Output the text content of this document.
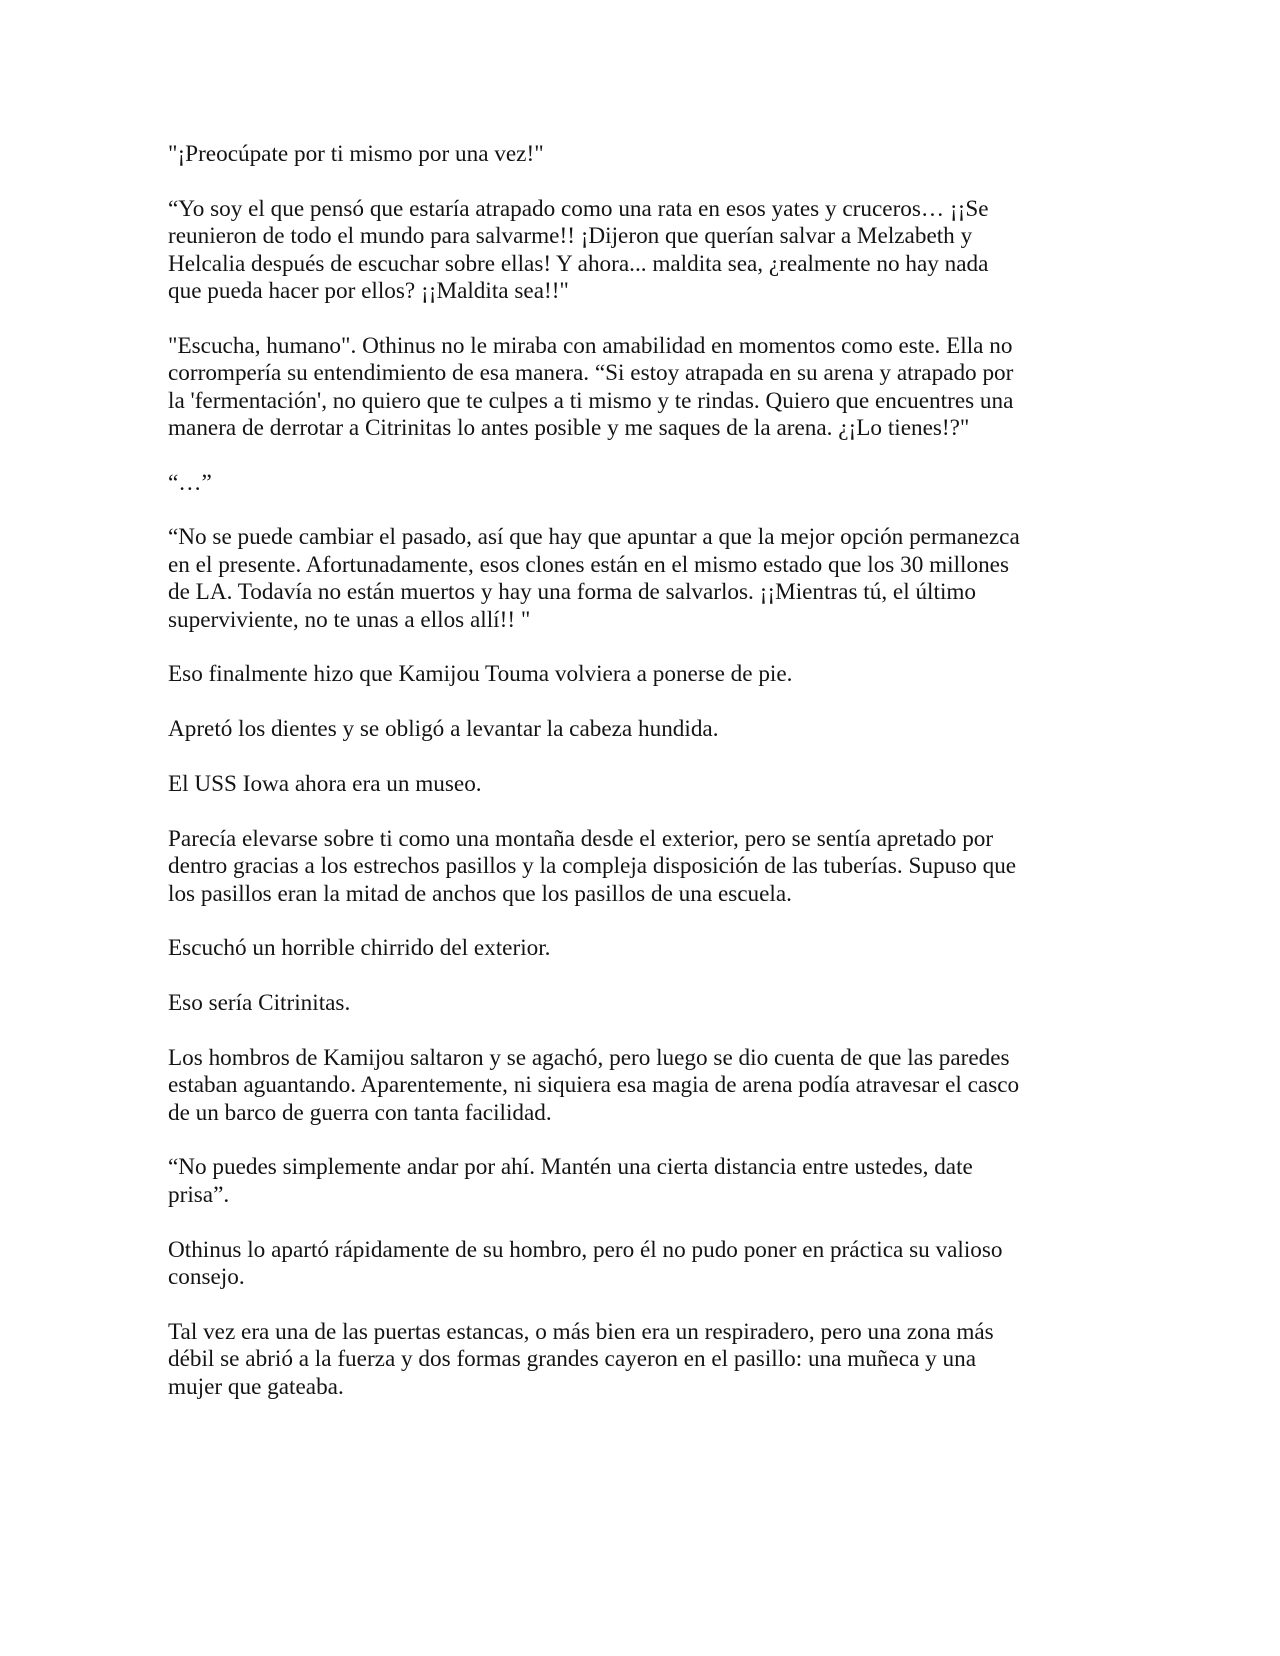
"¡Preocúpate por ti mismo por una vez!"

“Yo soy el que pensó que estaría atrapado como una rata en esos yates y cruceros… ¡¡Se
reunieron de todo el mundo para salvarme!! ¡Dijeron que querían salvar a Melzabeth y
Helcalia después de escuchar sobre ellas! Y ahora... maldita sea, ¿realmente no hay nada
que pueda hacer por ellos? ¡¡Maldita sea!!"

"Escucha, humano". Othinus no le miraba con amabilidad en momentos como este. Ella no
corrompería su entendimiento de esa manera. “Si estoy atrapada en su arena y atrapado por
la 'fermentación', no quiero que te culpes a ti mismo y te rindas. Quiero que encuentres una
manera de derrotar a Citrinitas lo antes posible y me saques de la arena. ¿¡Lo tienes!?"

“…”

“No se puede cambiar el pasado, así que hay que apuntar a que la mejor opción permanezca
en el presente. Afortunadamente, esos clones están en el mismo estado que los 30 millones
de LA. Todavía no están muertos y hay una forma de salvarlos. ¡¡Mientras tú, el último
superviviente, no te unas a ellos allí!! "

Eso finalmente hizo que Kamijou Touma volviera a ponerse de pie.

Apretó los dientes y se obligó a levantar la cabeza hundida.

El USS Iowa ahora era un museo.

Parecía elevarse sobre ti como una montaña desde el exterior, pero se sentía apretado por
dentro gracias a los estrechos pasillos y la compleja disposición de las tuberías. Supuso que
los pasillos eran la mitad de anchos que los pasillos de una escuela.

Escuchó un horrible chirrido del exterior.

Eso sería Citrinitas.

Los hombros de Kamijou saltaron y se agachó, pero luego se dio cuenta de que las paredes
estaban aguantando. Aparentemente, ni siquiera esa magia de arena podía atravesar el casco
de un barco de guerra con tanta facilidad.

“No puedes simplemente andar por ahí. Mantén una cierta distancia entre ustedes, date
prisa”.

Othinus lo apartó rápidamente de su hombro, pero él no pudo poner en práctica su valioso
consejo.

Tal vez era una de las puertas estancas, o más bien era un respiradero, pero una zona más
débil se abrió a la fuerza y dos formas grandes cayeron en el pasillo: una muñeca y una
mujer que gateaba.
